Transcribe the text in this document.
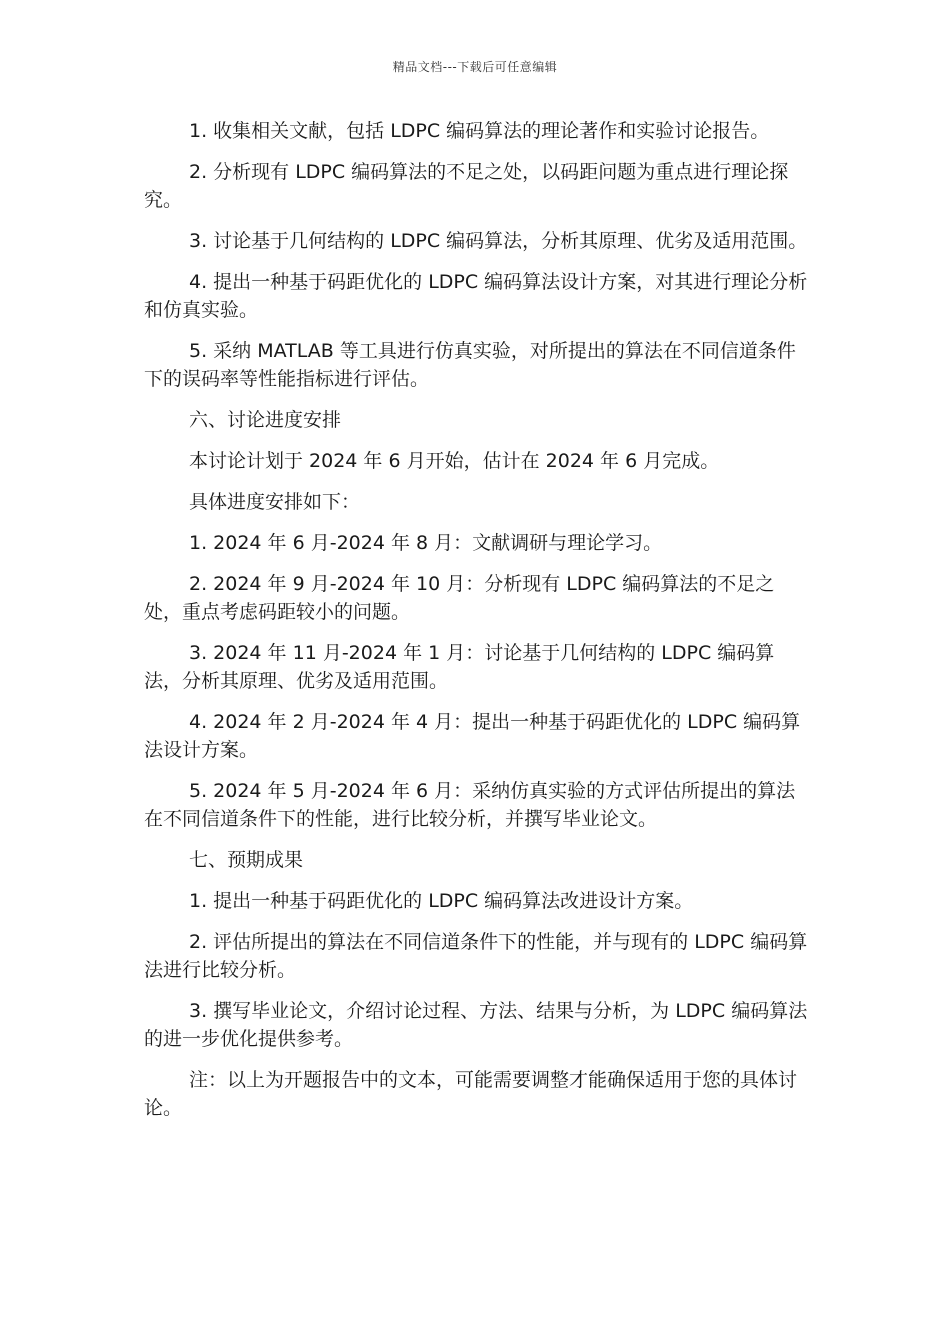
精品文档---下载后可任意编辑

1. 收集相关文献，包括 LDPC 编码算法的理论著作和实验讨论报告。

2. 分析现有 LDPC 编码算法的不足之处，以码距问题为重点进行理论探究。

3. 讨论基于几何结构的 LDPC 编码算法，分析其原理、优劣及适用范围。

4. 提出一种基于码距优化的 LDPC 编码算法设计方案，对其进行理论分析和仿真实验。

5. 采纳 MATLAB 等工具进行仿真实验，对所提出的算法在不同信道条件下的误码率等性能指标进行评估。

六、讨论进度安排

本讨论计划于 2024 年 6 月开始，估计在 2024 年 6 月完成。

具体进度安排如下：

1. 2024 年 6 月-2024 年 8 月：文献调研与理论学习。

2. 2024 年 9 月-2024 年 10 月：分析现有 LDPC 编码算法的不足之处，重点考虑码距较小的问题。

3. 2024 年 11 月-2024 年 1 月：讨论基于几何结构的 LDPC 编码算法，分析其原理、优劣及适用范围。

4. 2024 年 2 月-2024 年 4 月：提出一种基于码距优化的 LDPC 编码算法设计方案。

5. 2024 年 5 月-2024 年 6 月：采纳仿真实验的方式评估所提出的算法在不同信道条件下的性能，进行比较分析，并撰写毕业论文。

七、预期成果

1. 提出一种基于码距优化的 LDPC 编码算法改进设计方案。

2. 评估所提出的算法在不同信道条件下的性能，并与现有的 LDPC 编码算法进行比较分析。

3. 撰写毕业论文，介绍讨论过程、方法、结果与分析，为 LDPC 编码算法的进一步优化提供参考。

注：以上为开题报告中的文本，可能需要调整才能确保适用于您的具体讨论。
